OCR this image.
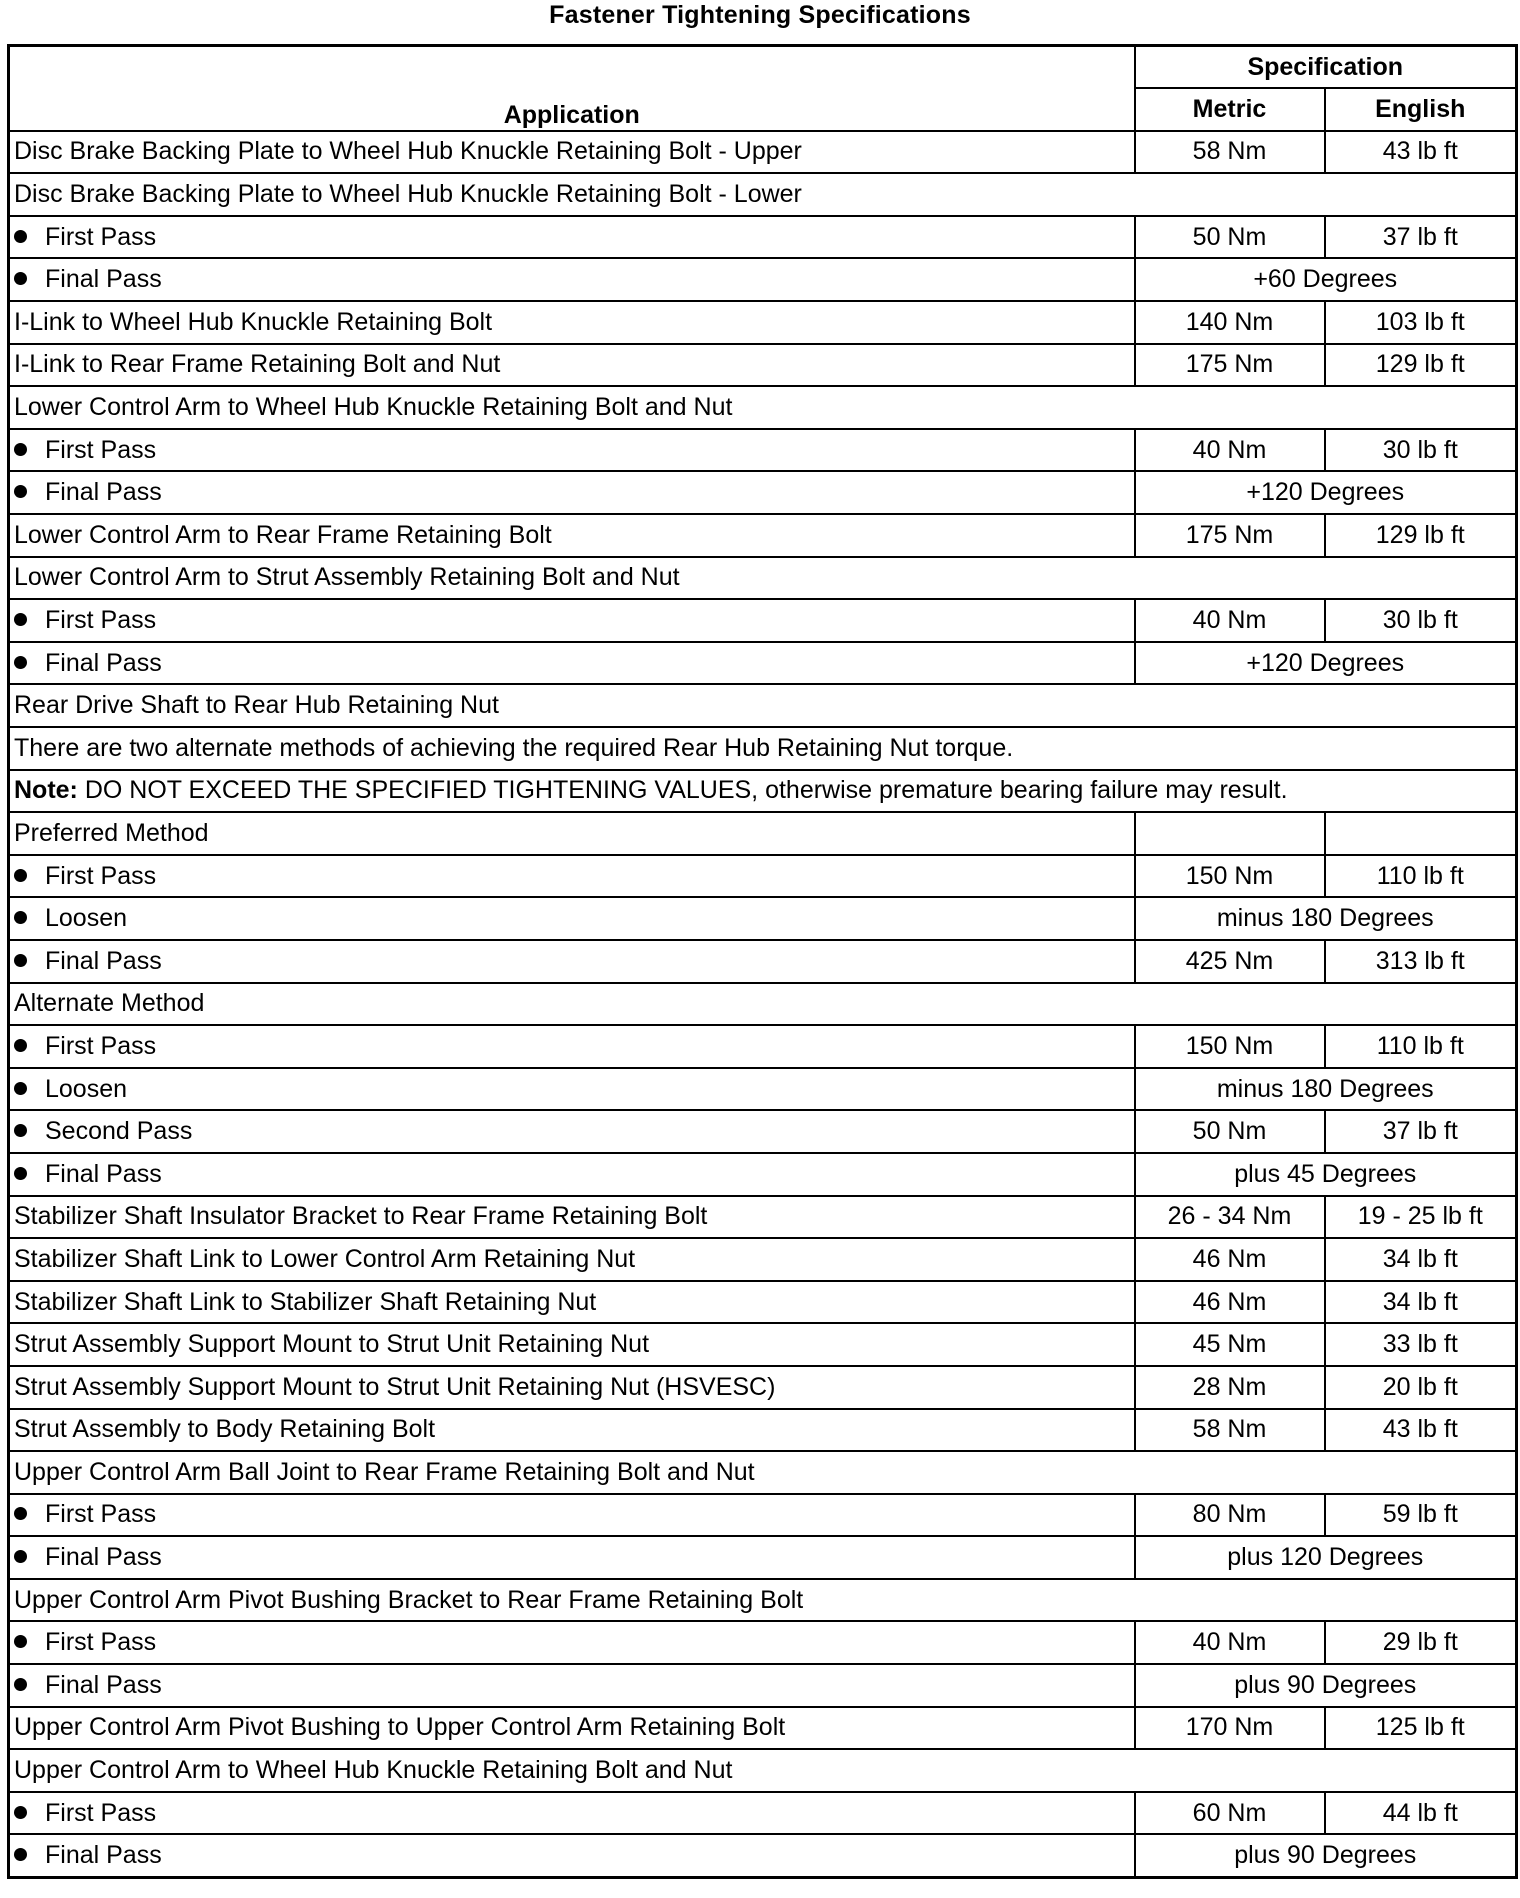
Fastener Tightening Specifications
Application	Specification	
	Metric	English
Disc Brake Backing Plate to Wheel Hub Knuckle Retaining Bolt - Upper	58 Nm	43 lb ft
Disc Brake Backing Plate to Wheel Hub Knuckle Retaining Bolt - Lower		
First Pass	50 Nm	37 lb ft
Final Pass	+60 Degrees	
I-Link to Wheel Hub Knuckle Retaining Bolt	140 Nm	103 lb ft
I-Link to Rear Frame Retaining Bolt and Nut	175 Nm	129 lb ft
Lower Control Arm to Wheel Hub Knuckle Retaining Bolt and Nut		
First Pass	40 Nm	30 lb ft
Final Pass	+120 Degrees	
Lower Control Arm to Rear Frame Retaining Bolt	175 Nm	129 lb ft
Lower Control Arm to Strut Assembly Retaining Bolt and Nut		
First Pass	40 Nm	30 lb ft
Final Pass	+120 Degrees	
Rear Drive Shaft to Rear Hub Retaining Nut		
There are two alternate methods of achieving the required Rear Hub Retaining Nut torque.		
Note: DO NOT EXCEED THE SPECIFIED TIGHTENING VALUES, otherwise premature bearing failure may result.		
Preferred Method		
First Pass	150 Nm	110 lb ft
Loosen	minus 180 Degrees	
Final Pass	425 Nm	313 lb ft
Alternate Method		
First Pass	150 Nm	110 lb ft
Loosen	minus 180 Degrees	
Second Pass	50 Nm	37 lb ft
Final Pass	plus 45 Degrees	
Stabilizer Shaft Insulator Bracket to Rear Frame Retaining Bolt	26 - 34 Nm	19 - 25 lb ft
Stabilizer Shaft Link to Lower Control Arm Retaining Nut	46 Nm	34 lb ft
Stabilizer Shaft Link to Stabilizer Shaft Retaining Nut	46 Nm	34 lb ft
Strut Assembly Support Mount to Strut Unit Retaining Nut	45 Nm	33 lb ft
Strut Assembly Support Mount to Strut Unit Retaining Nut (HSVESC)	28 Nm	20 lb ft
Strut Assembly to Body Retaining Bolt	58 Nm	43 lb ft
Upper Control Arm Ball Joint to Rear Frame Retaining Bolt and Nut		
First Pass	80 Nm	59 lb ft
Final Pass	plus 120 Degrees	
Upper Control Arm Pivot Bushing Bracket to Rear Frame Retaining Bolt		
First Pass	40 Nm	29 lb ft
Final Pass	plus 90 Degrees	
Upper Control Arm Pivot Bushing to Upper Control Arm Retaining Bolt	170 Nm	125 lb ft
Upper Control Arm to Wheel Hub Knuckle Retaining Bolt and Nut		
First Pass	60 Nm	44 lb ft
Final Pass	plus 90 Degrees	
